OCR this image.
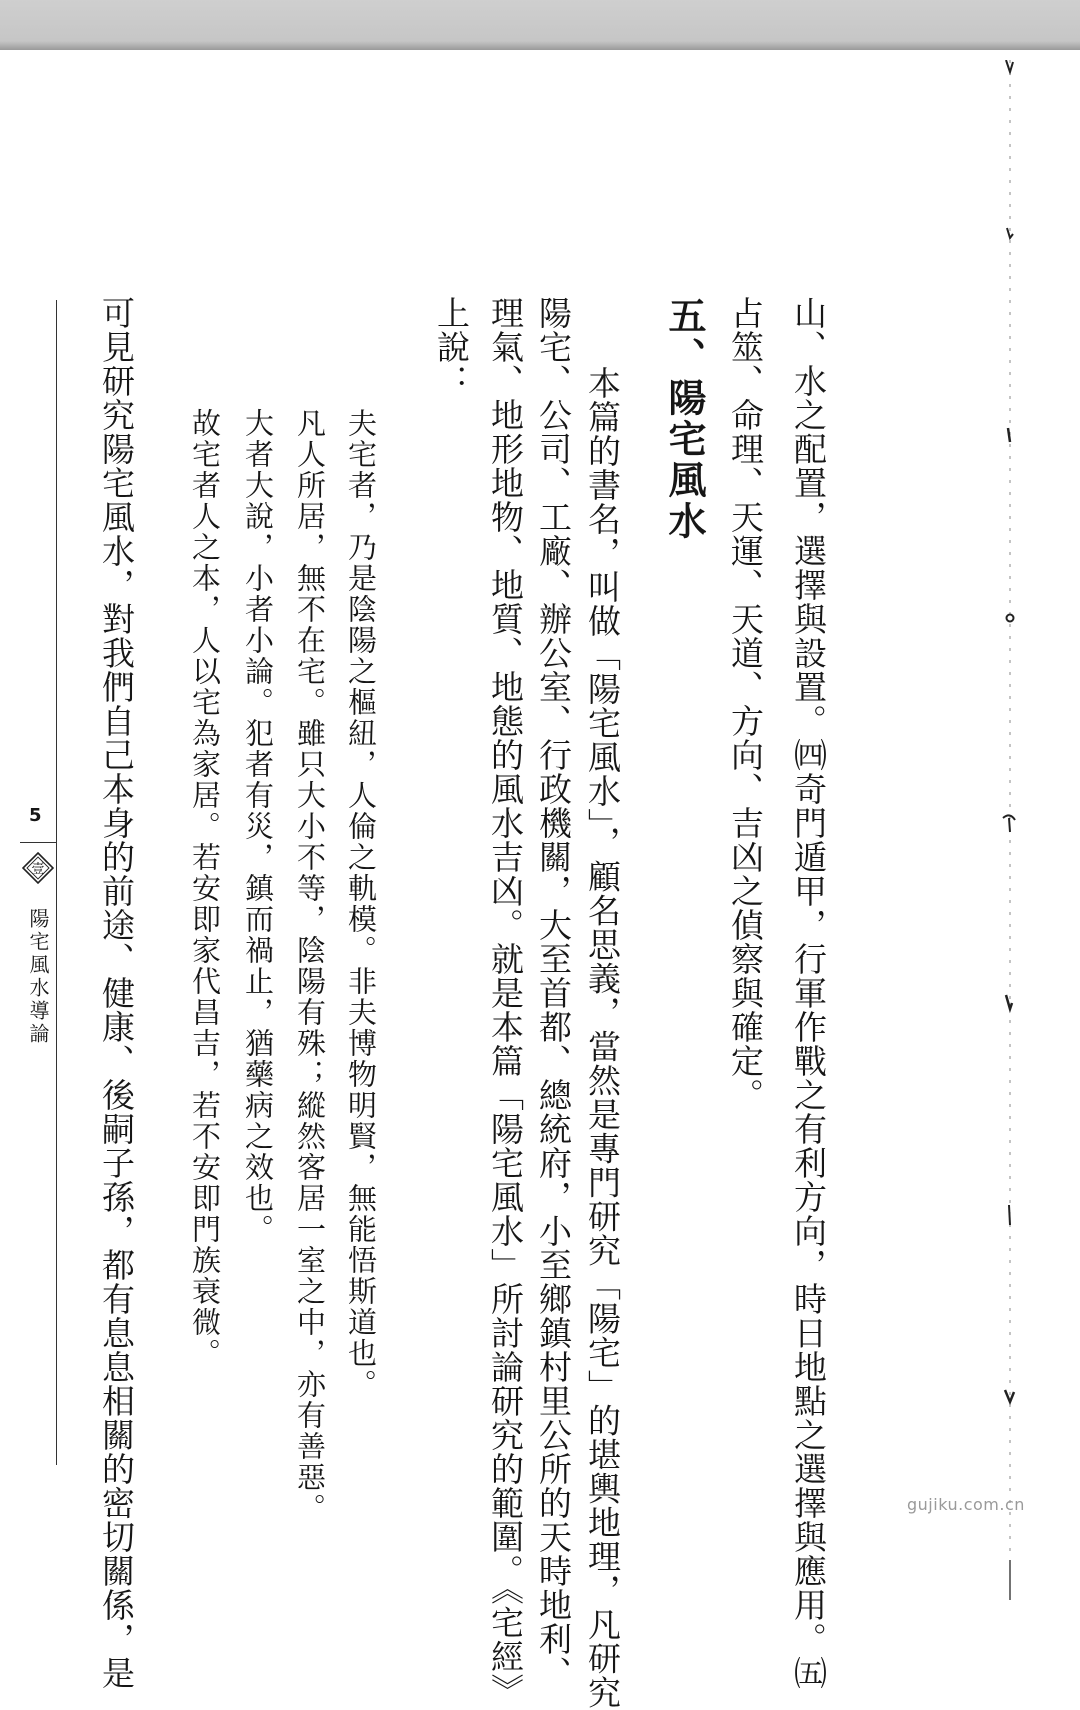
山、水之配置，選擇與設置。㈣奇門遁甲，行軍作戰之有利方向，時日地點之選擇與應用。㈤
占筮、命理、天運、天道、方向、吉凶之偵察與確定。
五、陽宅風水
　本篇的書名，叫做「陽宅風水」，顧名思義，當然是專門研究「陽宅」的堪輿地理，凡研究
陽宅、公司、工廠、辦公室、行政機關，大至首都、總統府，小至鄉鎮村里公所的天時地利、
理氣、地形地物、地質、地態的風水吉凶。就是本篇「陽宅風水」所討論研究的範圍。《宅經》
上說：
夫宅者，乃是陰陽之樞紐，人倫之軌模。非夫博物明賢，無能悟斯道也。
凡人所居，無不在宅。雖只大小不等，陰陽有殊；縱然客居一室之中，亦有善惡。
大者大說，小者小論。犯者有災，鎮而禍止，猶藥病之效也。
故宅者人之本，人以宅為家居。若安即家代昌吉，若不安即門族衰微。
可見研究陽宅風水，對我們自己本身的前途、健康、後嗣子孫，都有息息相關的密切關係，是
5
壹
陽宅風水導論
gujiku.com.cn
